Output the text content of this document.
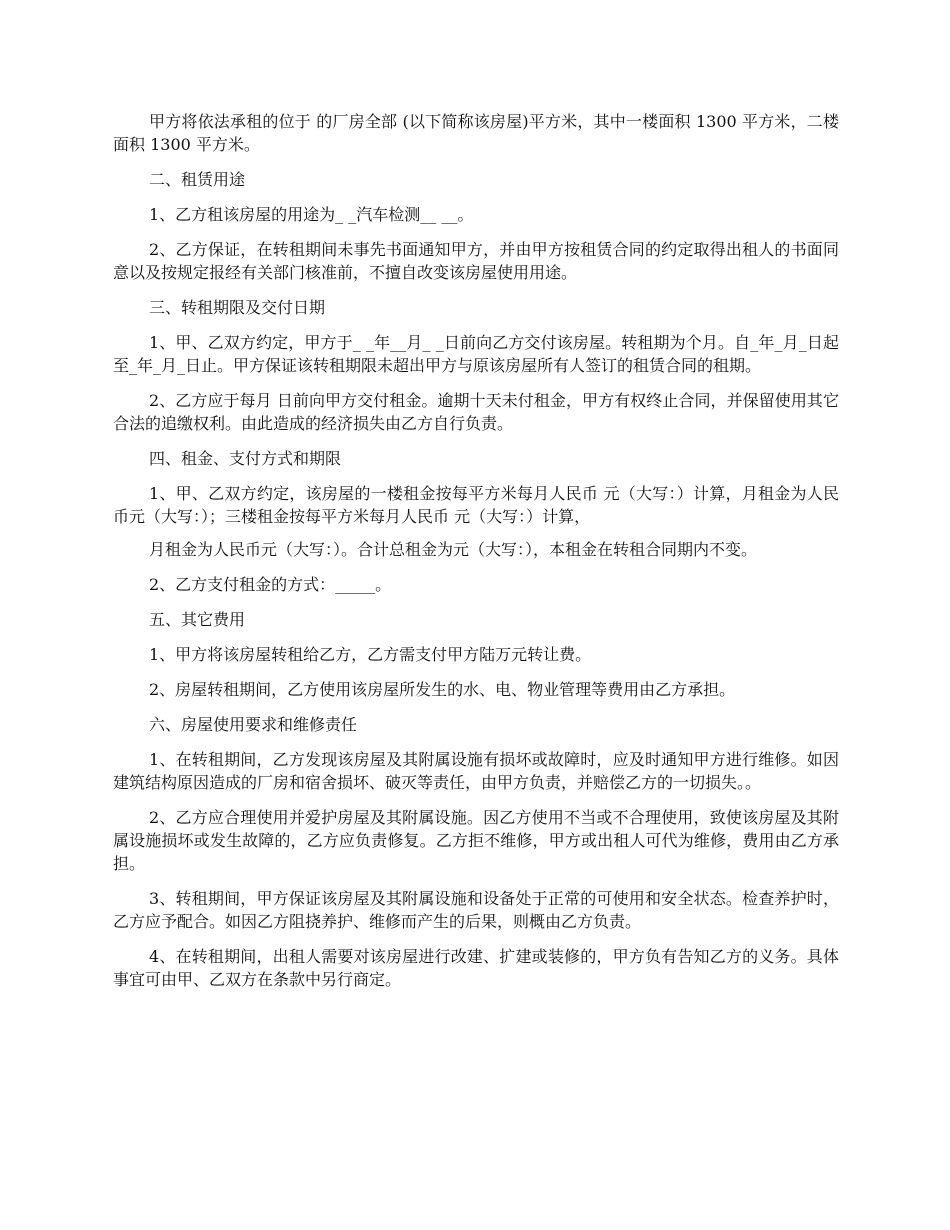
甲方将依法承租的位于 的厂房全部 (以下简称该房屋)平方米，其中一楼面积 1300 平方米，二楼面积 1300 平方米。

二、租赁用途

1、乙方租该房屋的用途为_ _汽车检测__ __。

2、乙方保证，在转租期间未事先书面通知甲方，并由甲方按租赁合同的约定取得出租人的书面同意以及按规定报经有关部门核准前，不擅自改变该房屋使用用途。

三、转租期限及交付日期

1、甲、乙双方约定，甲方于_ _年__月_ _日前向乙方交付该房屋。转租期为个月。自_年_月_日起至_年_月_日止。甲方保证该转租期限未超出甲方与原该房屋所有人签订的租赁合同的租期。

2、乙方应于每月 日前向甲方交付租金。逾期十天未付租金，甲方有权终止合同，并保留使用其它合法的追缴权利。由此造成的经济损失由乙方自行负责。

四、租金、支付方式和期限

1、甲、乙双方约定，该房屋的一楼租金按每平方米每月人民币 元（大写：）计算，月租金为人民币元（大写：）；三楼租金按每平方米每月人民币 元（大写：）计算，

月租金为人民币元（大写：）。合计总租金为元（大写：），本租金在转租合同期内不变。

2、乙方支付租金的方式：_____。

五、其它费用

1、甲方将该房屋转租给乙方，乙方需支付甲方陆万元转让费。

2、房屋转租期间，乙方使用该房屋所发生的水、电、物业管理等费用由乙方承担。

六、房屋使用要求和维修责任

1、在转租期间，乙方发现该房屋及其附属设施有损坏或故障时，应及时通知甲方进行维修。如因建筑结构原因造成的厂房和宿舍损坏、破灭等责任，由甲方负责，并赔偿乙方的一切损失。。

2、乙方应合理使用并爱护房屋及其附属设施。因乙方使用不当或不合理使用，致使该房屋及其附属设施损坏或发生故障的，乙方应负责修复。乙方拒不维修，甲方或出租人可代为维修，费用由乙方承担。

3、转租期间，甲方保证该房屋及其附属设施和设备处于正常的可使用和安全状态。检查养护时，乙方应予配合。如因乙方阻挠养护、维修而产生的后果，则概由乙方负责。

4、在转租期间，出租人需要对该房屋进行改建、扩建或装修的，甲方负有告知乙方的义务。具体事宜可由甲、乙双方在条款中另行商定。
